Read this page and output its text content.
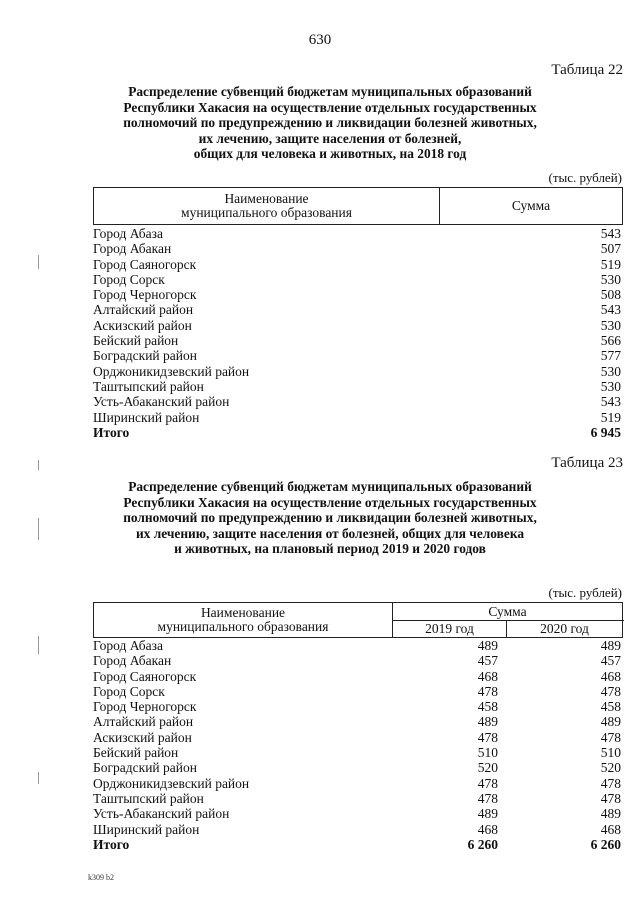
630
Таблица 22
Распределение субвенций бюджетам муниципальных образований
Республики Хакасия на осуществление отдельных государственных
полномочий по предупреждению и ликвидации болезней животных,
их лечению, защите населения от болезней,
общих для человека и животных, на 2018 год
(тыс. рублей)
Наименование
муниципального образования	Сумма
Город Абаза	543
Город Абакан	507
Город Саяногорск	519
Город Сорск	530
Город Черногорск	508
Алтайский район	543
Аскизский район	530
Бейский район	566
Боградский район	577
Орджоникидзевский район	530
Таштыпский район	530
Усть-Абаканский район	543
Ширинский район	519
Итого	6 945
Таблица 23
Распределение субвенций бюджетам муниципальных образований
Республики Хакасия на осуществление отдельных государственных
полномочий по предупреждению и ликвидации болезней животных,
их лечению, защите населения от болезней, общих для человека
и животных, на плановый период 2019 и 2020 годов
(тыс. рублей)
Наименование
муниципального образования
Сумма
2019 год	2020 год
Город Абаза	489	489
Город Абакан	457	457
Город Саяногорск	468	468
Город Сорск	478	478
Город Черногорск	458	458
Алтайский район	489	489
Аскизский район	478	478
Бейский район	510	510
Боградский район	520	520
Орджоникидзевский район	478	478
Таштыпский район	478	478
Усть-Абаканский район	489	489
Ширинский район	468	468
Итого	6 260	6 260
k309 b2
